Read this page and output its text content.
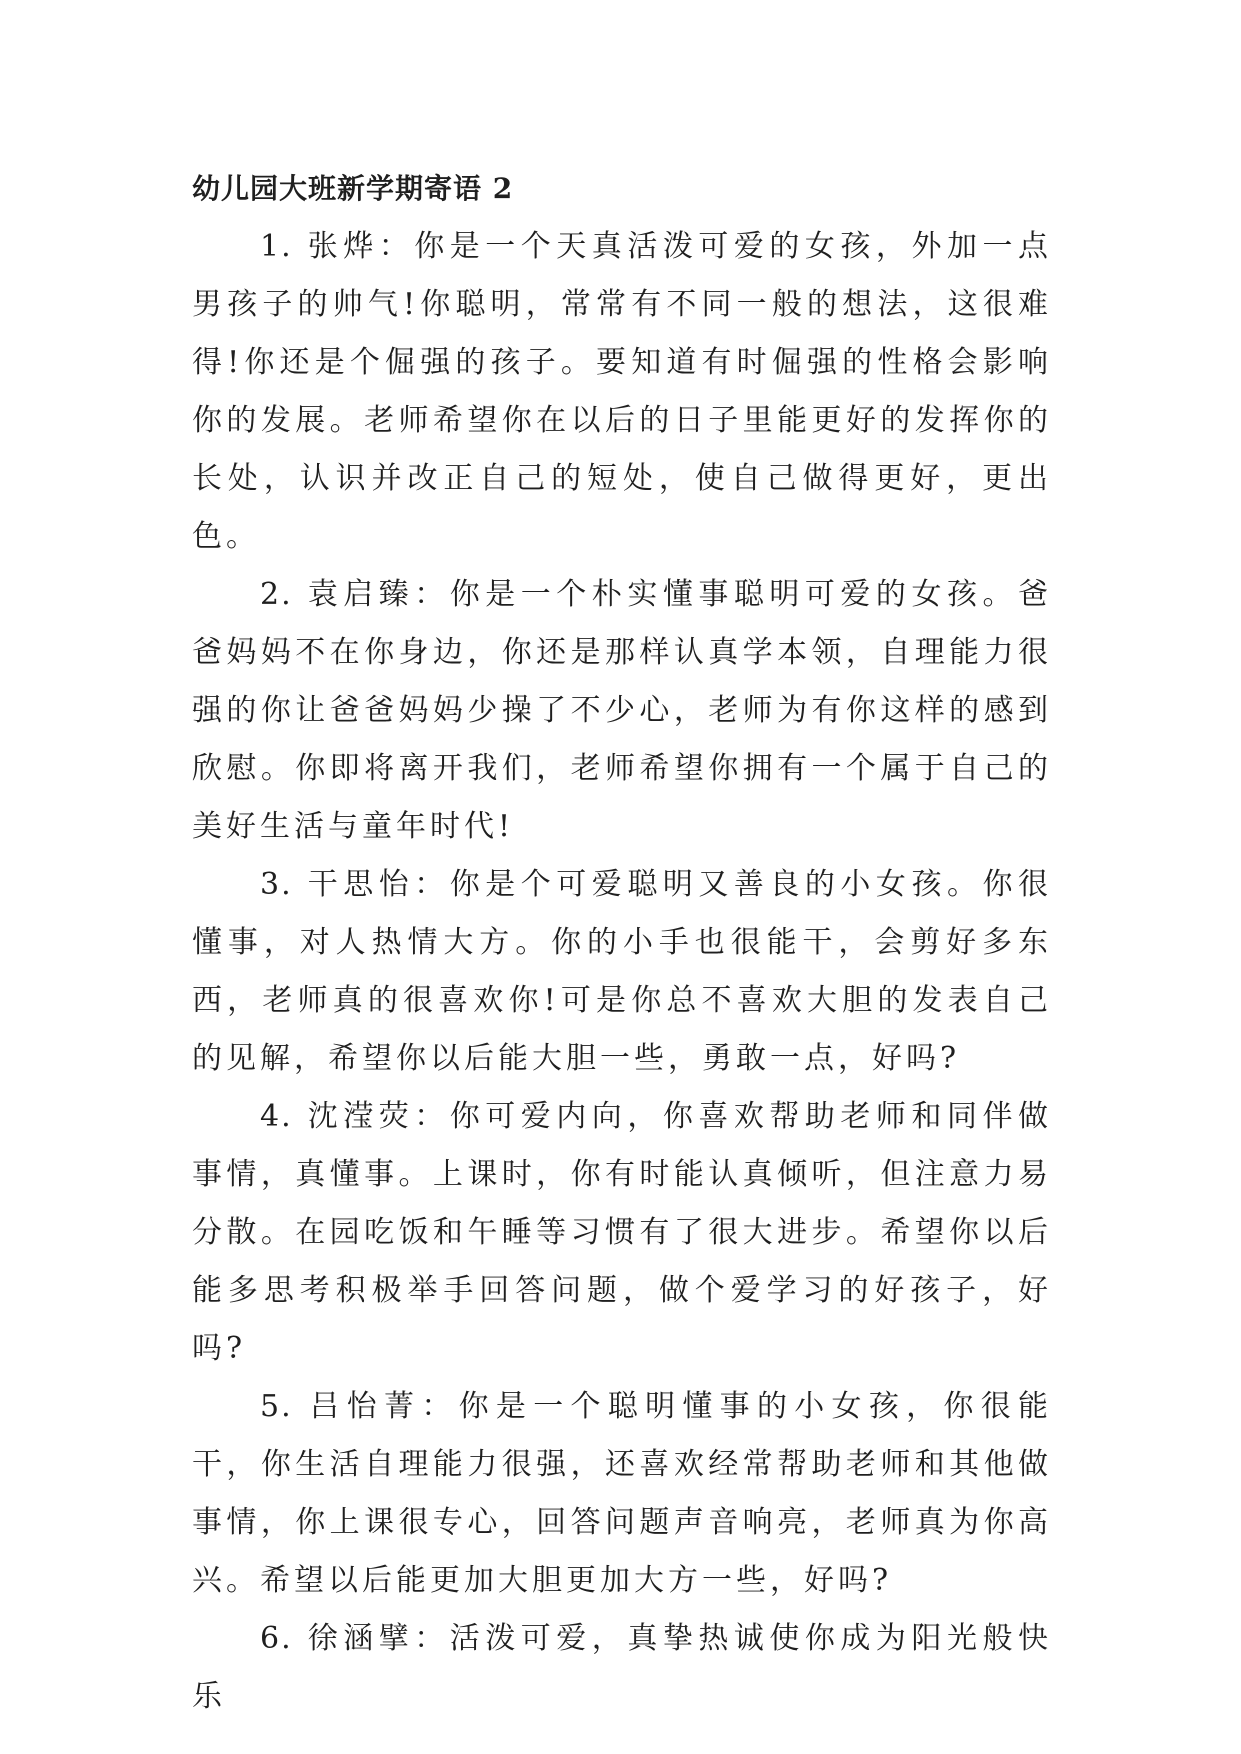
幼儿园大班新学期寄语 2

1. 张烨：你是一个天真活泼可爱的女孩，外加一点男孩子的帅气!你聪明，常常有不同一般的想法，这很难得!你还是个倔强的孩子。要知道有时倔强的性格会影响你的发展。老师希望你在以后的日子里能更好的发挥你的长处，认识并改正自己的短处，使自己做得更好，更出色。

2. 袁启臻：你是一个朴实懂事聪明可爱的女孩。爸爸妈妈不在你身边，你还是那样认真学本领，自理能力很强的你让爸爸妈妈少操了不少心，老师为有你这样的感到欣慰。你即将离开我们，老师希望你拥有一个属于自己的美好生活与童年时代!

3. 干思怡：你是个可爱聪明又善良的小女孩。你很懂事，对人热情大方。你的小手也很能干，会剪好多东西，老师真的很喜欢你!可是你总不喜欢大胆的发表自己的见解，希望你以后能大胆一些，勇敢一点，好吗?

4. 沈滢荧：你可爱内向，你喜欢帮助老师和同伴做事情，真懂事。上课时，你有时能认真倾听，但注意力易分散。在园吃饭和午睡等习惯有了很大进步。希望你以后能多思考积极举手回答问题，做个爱学习的好孩子，好吗?

5. 吕怡菁：你是一个聪明懂事的小女孩，你很能干，你生活自理能力很强，还喜欢经常帮助老师和其他做事情，你上课很专心，回答问题声音响亮，老师真为你高兴。希望以后能更加大胆更加大方一些，好吗?

6. 徐涵擘：活泼可爱，真挚热诚使你成为阳光般快乐
